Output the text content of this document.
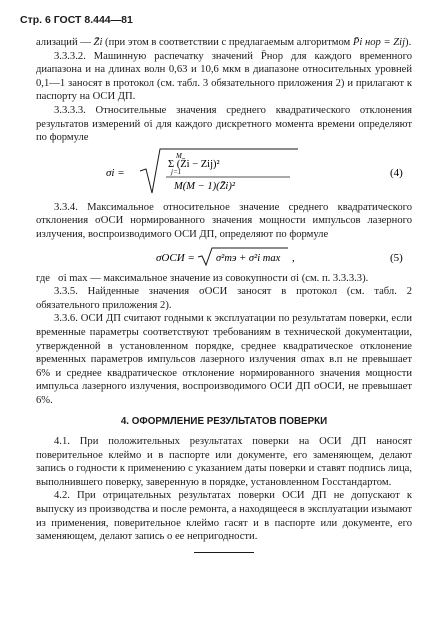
Стр. 6 ГОСТ 8.444—81

ализаций — Z̄i (при этом в соответствии с предлагаемым алгоритмом P̄i нор = Zij).

3.3.3.2. Машинную распечатку значений P̄нор для каждого временного диапазона и на длинах волн 0,63 и 10,6 мкм в диапазоне относительных уровней 0,1—1 заносят в протокол (см. табл. 3 обязательного приложения 2) и прилагают к паспорту на ОСИ ДП.

3.3.3.3. Относительные значения среднего квадратического отклонения результатов измерений σi для каждого дискретного момента времени определяют по формуле

σi =
M
Σ (Z̄i − Zij)²
j=1
M(M − 1)(Z̄i)²
(4)

3.3.4. Максимальное относительное значение среднего квадратического отклонения σОСИ нормированного значения мощности импульсов лазерного излучения, воспроизводимого ОСИ ДП, определяют по формуле

σОСИ = σ²тэ + σ²i max ,	(5)
где σi max — максимальное значение из совокупности σi (см. п. 3.3.3.3).

3.3.5. Найденные значения σОСИ заносят в протокол (см. табл. 2 обязательного приложения 2).

3.3.6. ОСИ ДП считают годными к эксплуатации по результатам поверки, если временные параметры соответствуют требованиям в технической документации, утвержденной в установленном порядке, среднее квадратическое отклонение временных параметров импульсов лазерного излучения σmax в.п не превышает 6% и среднее квадратическое отклонение нормированного значения мощности импульса лазерного излучения, воспроизводимого ОСИ ДП σОСИ, не превышает 6%.

4. ОФОРМЛЕНИЕ РЕЗУЛЬТАТОВ ПОВЕРКИ

4.1. При положительных результатах поверки на ОСИ ДП наносят поверительное клеймо и в паспорте или документе, его заменяющем, делают запись о годности к применению с указанием даты поверки и ставят подпись лица, выполнившего поверку, заверенную в порядке, установленном Госстандартом.

4.2. При отрицательных результатах поверки ОСИ ДП не допускают к выпуску из производства и после ремонта, а находящееся в эксплуатации изымают из применения, поверительное клеймо гасят и в паспорте или документе, его заменяющем, делают запись о ее непригодности.
